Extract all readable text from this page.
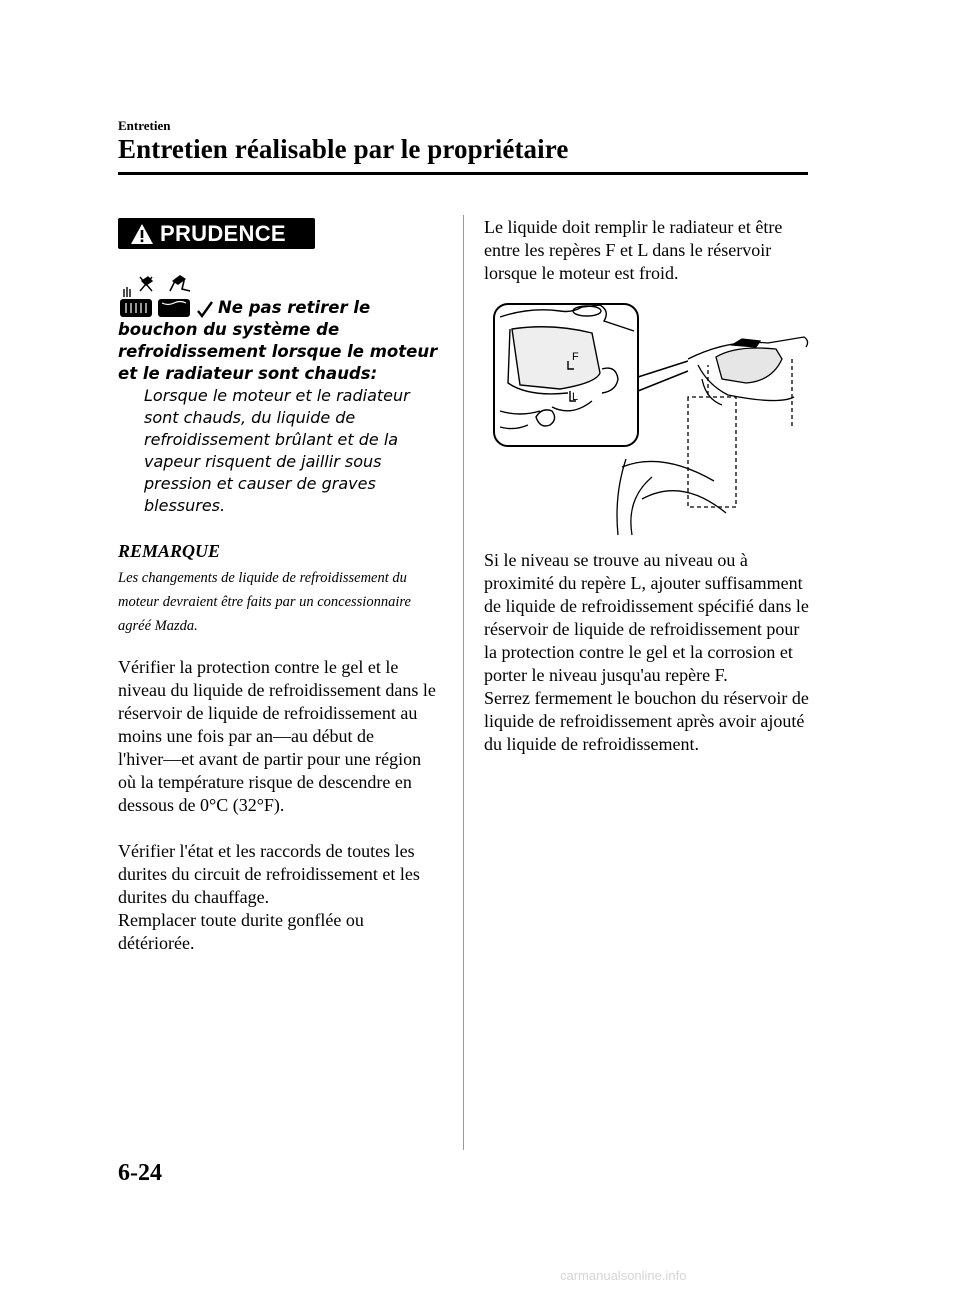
Entretien
Entretien réalisable par le propriétaire
PRUDENCE
Ne pas retirer le bouchon du système de refroidissement lorsque le moteur et le radiateur sont chauds:

Lorsque le moteur et le radiateur sont chauds, du liquide de refroidissement brûlant et de la vapeur risquent de jaillir sous pression et causer de graves blessures.

REMARQUE
Les changements de liquide de refroidissement du moteur devraient être faits par un concessionnaire agréé Mazda.

Vérifier la protection contre le gel et le niveau du liquide de refroidissement dans le réservoir de liquide de refroidissement au moins une fois par an―au début de l'hiver―et avant de partir pour une région où la température risque de descendre en dessous de 0°C (32°F).

Vérifier l'état et les raccords de toutes les durites du circuit de refroidissement et les durites du chauffage.
Remplacer toute durite gonflée ou détériorée.

Le liquide doit remplir le radiateur et être entre les repères F et L dans le réservoir lorsque le moteur est froid.

F
L

Si le niveau se trouve au niveau ou à proximité du repère L, ajouter suffisamment de liquide de refroidissement spécifié dans le réservoir de liquide de refroidissement pour la protection contre le gel et la corrosion et porter le niveau jusqu'au repère F.
Serrez fermement le bouchon du réservoir de liquide de refroidissement après avoir ajouté du liquide de refroidissement.

6-24
carmanualsonline.info
